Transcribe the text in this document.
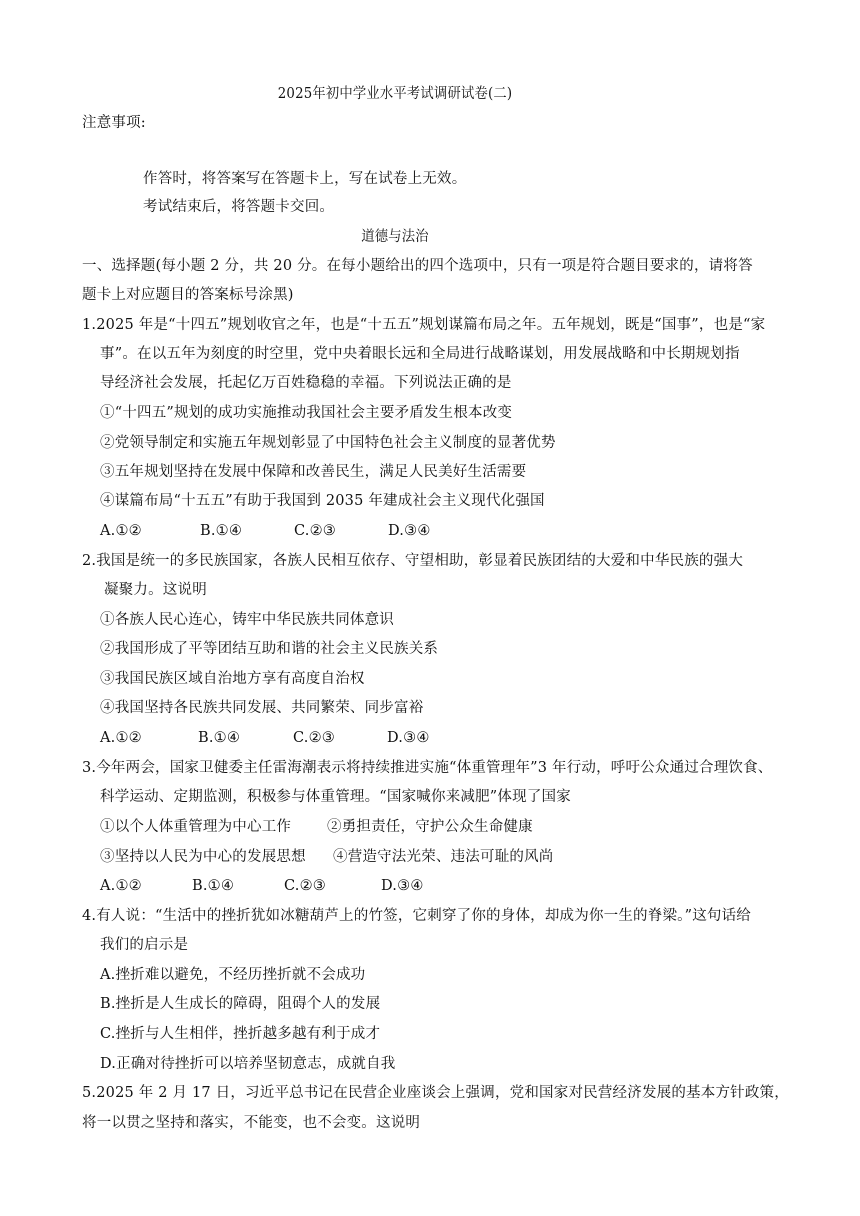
2025年初中学业水平考试调研试卷(二)
注意事项:
作答时，将答案写在答题卡上，写在试卷上无效。
考试结束后，将答题卡交回。
道德与法治
一、选择题(每小题 2 分，共 20 分。在每小题给出的四个选项中，只有一项是符合题目要求的，请将答
题卡上对应题目的答案标号涂黑)
1.2025 年是“十四五”规划收官之年，也是“十五五”规划谋篇布局之年。五年规划，既是“国事”，也是“家
事”。在以五年为刻度的时空里，党中央着眼长远和全局进行战略谋划，用发展战略和中长期规划指
导经济社会发展，托起亿万百姓稳稳的幸福。下列说法正确的是
①“十四五”规划的成功实施推动我国社会主要矛盾发生根本改变
②党领导制定和实施五年规划彰显了中国特色社会主义制度的显著优势
③五年规划坚持在发展中保障和改善民生，满足人民美好生活需要
④谋篇布局“十五五”有助于我国到 2035 年建成社会主义现代化强国
A.①②	B.①④	C.②③	D.③④
2.我国是统一的多民族国家，各族人民相互依存、守望相助，彰显着民族团结的大爱和中华民族的强大
凝聚力。这说明
①各族人民心连心，铸牢中华民族共同体意识
②我国形成了平等团结互助和谐的社会主义民族关系
③我国民族区域自治地方享有高度自治权
④我国坚持各民族共同发展、共同繁荣、同步富裕
A.①②	B.①④	C.②③	D.③④
3.今年两会，国家卫健委主任雷海潮表示将持续推进实施“体重管理年”3 年行动，呼吁公众通过合理饮食、
科学运动、定期监测，积极参与体重管理。“国家喊你来减肥”体现了国家
①以个人体重管理为中心工作 ②勇担责任，守护公众生命健康
③坚持以人民为中心的发展思想 ④营造守法光荣、违法可耻的风尚
A.①②	B.①④	C.②③	D.③④
4.有人说：“生活中的挫折犹如冰糖葫芦上的竹签，它刺穿了你的身体，却成为你一生的脊梁。”这句话给
我们的启示是
A.挫折难以避免，不经历挫折就不会成功
B.挫折是人生成长的障碍，阻碍个人的发展
C.挫折与人生相伴，挫折越多越有利于成才
D.正确对待挫折可以培养坚韧意志，成就自我
5.2025 年 2 月 17 日，习近平总书记在民营企业座谈会上强调，党和国家对民营经济发展的基本方针政策，
将一以贯之坚持和落实，不能变，也不会变。这说明
